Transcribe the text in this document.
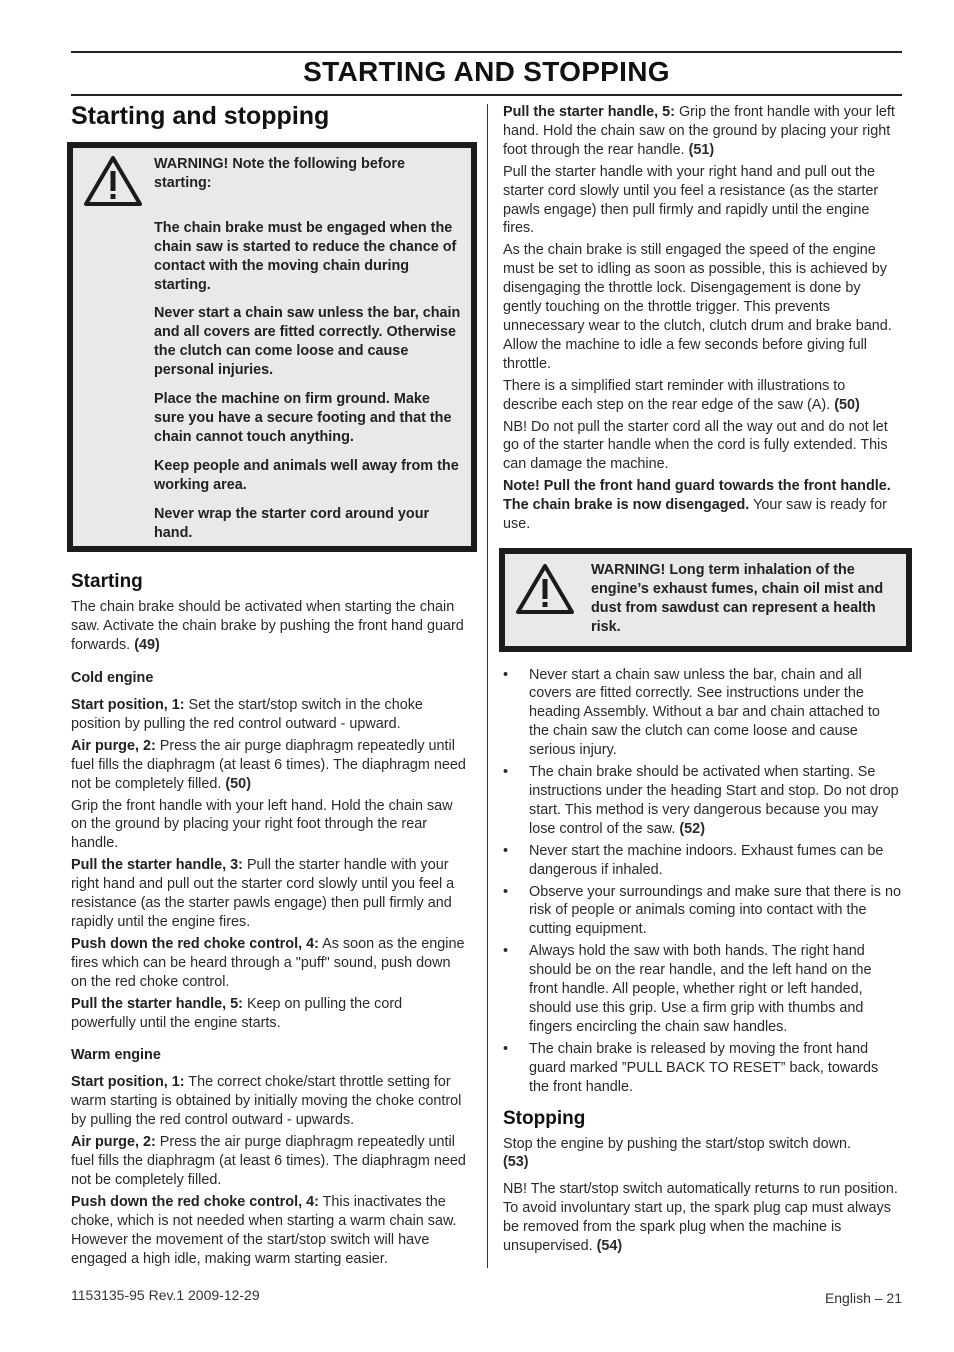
STARTING AND STOPPING
Starting and stopping

WARNING! Note the following before starting:

The chain brake must be engaged when the chain saw is started to reduce the chance of contact with the moving chain during starting.

Never start a chain saw unless the bar, chain and all covers are fitted correctly. Otherwise the clutch can come loose and cause personal injuries.

Place the machine on firm ground. Make sure you have a secure footing and that the chain cannot touch anything.

Keep people and animals well away from the working area.

Never wrap the starter cord around your hand.

Starting

The chain brake should be activated when starting the chain saw. Activate the chain brake by pushing the front hand guard forwards. (49)

Cold engine

Start position, 1: Set the start/stop switch in the choke position by pulling the red control outward - upward.

Air purge, 2: Press the air purge diaphragm repeatedly until fuel fills the diaphragm (at least 6 times). The diaphragm need not be completely filled. (50)

Grip the front handle with your left hand. Hold the chain saw on the ground by placing your right foot through the rear handle.

Pull the starter handle, 3: Pull the starter handle with your right hand and pull out the starter cord slowly until you feel a resistance (as the starter pawls engage) then pull firmly and rapidly until the engine fires.

Push down the red choke control, 4: As soon as the engine fires which can be heard through a "puff" sound, push down on the red choke control.

Pull the starter handle, 5: Keep on pulling the cord powerfully until the engine starts.

Warm engine

Start position, 1: The correct choke/start throttle setting for warm starting is obtained by initially moving the choke control by pulling the red control outward - upwards.

Air purge, 2: Press the air purge diaphragm repeatedly until fuel fills the diaphragm (at least 6 times). The diaphragm need not be completely filled.

Push down the red choke control, 4: This inactivates the choke, which is not needed when starting a warm chain saw. However the movement of the start/stop switch will have engaged a high idle, making warm starting easier.

Pull the starter handle, 5: Grip the front handle with your left hand. Hold the chain saw on the ground by placing your right foot through the rear handle. (51)

Pull the starter handle with your right hand and pull out the starter cord slowly until you feel a resistance (as the starter pawls engage) then pull firmly and rapidly until the engine fires.

As the chain brake is still engaged the speed of the engine must be set to idling as soon as possible, this is achieved by disengaging the throttle lock. Disengagement is done by gently touching on the throttle trigger. This prevents unnecessary wear to the clutch, clutch drum and brake band. Allow the machine to idle a few seconds before giving full throttle.

There is a simplified start reminder with illustrations to describe each step on the rear edge of the saw (A). (50)

NB! Do not pull the starter cord all the way out and do not let go of the starter handle when the cord is fully extended. This can damage the machine.

Note! Pull the front hand guard towards the front handle. The chain brake is now disengaged. Your saw is ready for use.

WARNING! Long term inhalation of the engine’s exhaust fumes, chain oil mist and dust from sawdust can represent a health risk.

• Never start a chain saw unless the bar, chain and all covers are fitted correctly. See instructions under the heading Assembly. Without a bar and chain attached to the chain saw the clutch can come loose and cause serious injury.
• The chain brake should be activated when starting. Se instructions under the heading Start and stop. Do not drop start. This method is very dangerous because you may lose control of the saw. (52)
• Never start the machine indoors. Exhaust fumes can be dangerous if inhaled.
• Observe your surroundings and make sure that there is no risk of people or animals coming into contact with the cutting equipment.
• Always hold the saw with both hands. The right hand should be on the rear handle, and the left hand on the front handle. All people, whether right or left handed, should use this grip. Use a firm grip with thumbs and fingers encircling the chain saw handles.
• The chain brake is released by moving the front hand guard marked ”PULL BACK TO RESET” back, towards the front handle.
Stopping

Stop the engine by pushing the start/stop switch down.
(53)

NB! The start/stop switch automatically returns to run position. To avoid involuntary start up, the spark plug cap must always be removed from the spark plug when the machine is unsupervised. (54)

1153135-95 Rev.1 2009-12-29	English – 21
